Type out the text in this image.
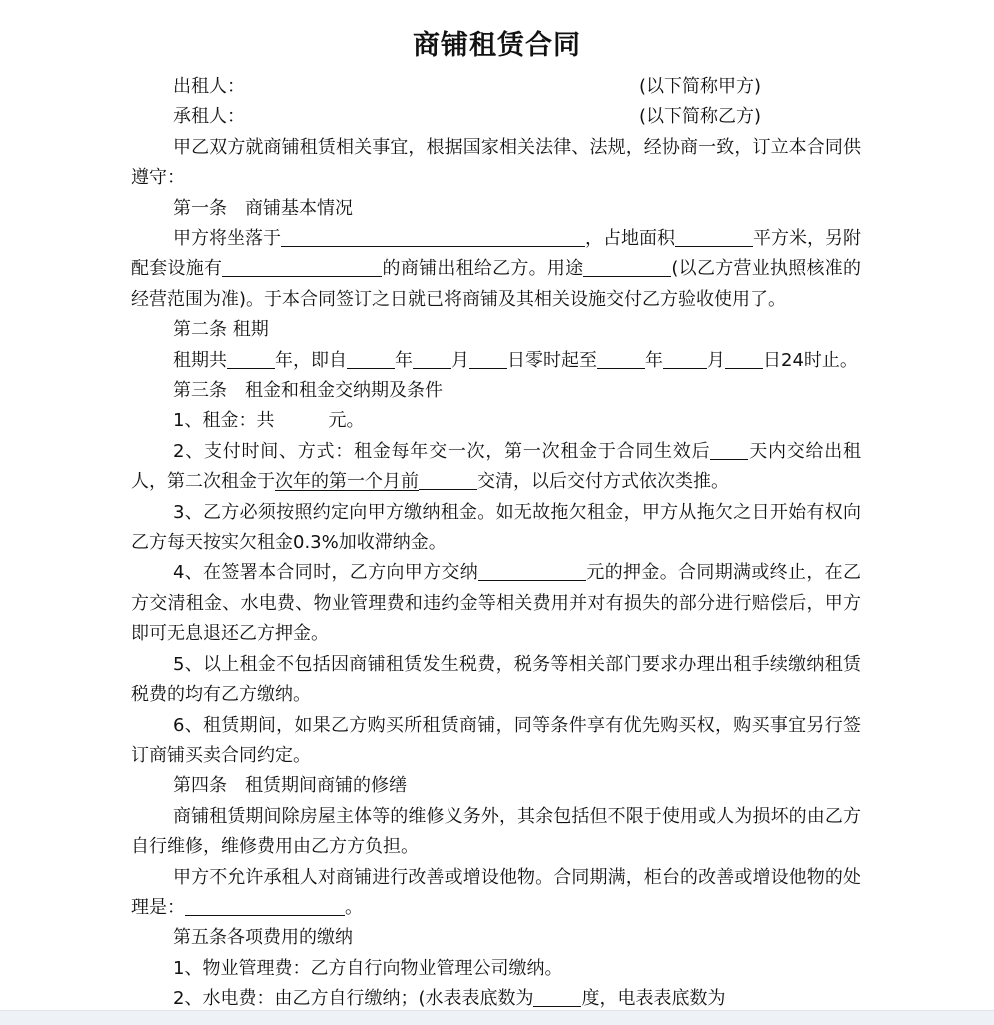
商铺租赁合同
出租人：	(以下简称甲方)
承租人：	(以下简称乙方)

甲乙双方就商铺租赁相关事宜，根据国家相关法律、法规，经协商一致，订立本合同供遵守：

第一条　商铺基本情况

甲方将坐落于	，占地面积	平方米，另附配套设施有	的商铺出租给乙方。用途	(以乙方营业执照核准的经营范围为准)。于本合同签订之日就已将商铺及其相关设施交付乙方验收使用了。

第二条 租期

租期共	年，即自	年 月 日零时起至	年 月 日24时止。

第三条　租金和租金交纳期及条件

1、租金：共　　　元。

2、支付时间、方式：租金每年交一次，第一次租金于合同生效后 天内交给出租人，第二次租金于次年的第一个月前	交清，以后交付方式依次类推。

3、乙方必须按照约定向甲方缴纳租金。如无故拖欠租金，甲方从拖欠之日开始有权向乙方每天按实欠租金0.3%加收滞纳金。

4、在签署本合同时，乙方向甲方交纳	元的押金。合同期满或终止，在乙方交清租金、水电费、物业管理费和违约金等相关费用并对有损失的部分进行赔偿后，甲方即可无息退还乙方押金。

5、以上租金不包括因商铺租赁发生税费，税务等相关部门要求办理出租手续缴纳租赁税费的均有乙方缴纳。

6、租赁期间，如果乙方购买所租赁商铺，同等条件享有优先购买权，购买事宜另行签订商铺买卖合同约定。

第四条　租赁期间商铺的修缮

商铺租赁期间除房屋主体等的维修义务外，其余包括但不限于使用或人为损坏的由乙方自行维修，维修费用由乙方方负担。

甲方不允许承租人对商铺进行改善或增设他物。合同期满，柜台的改善或增设他物的处理是：	。

第五条各项费用的缴纳

1、物业管理费：乙方自行向物业管理公司缴纳。

2、水电费：由乙方自行缴纳；(水表表底数为	度，电表表底数为
